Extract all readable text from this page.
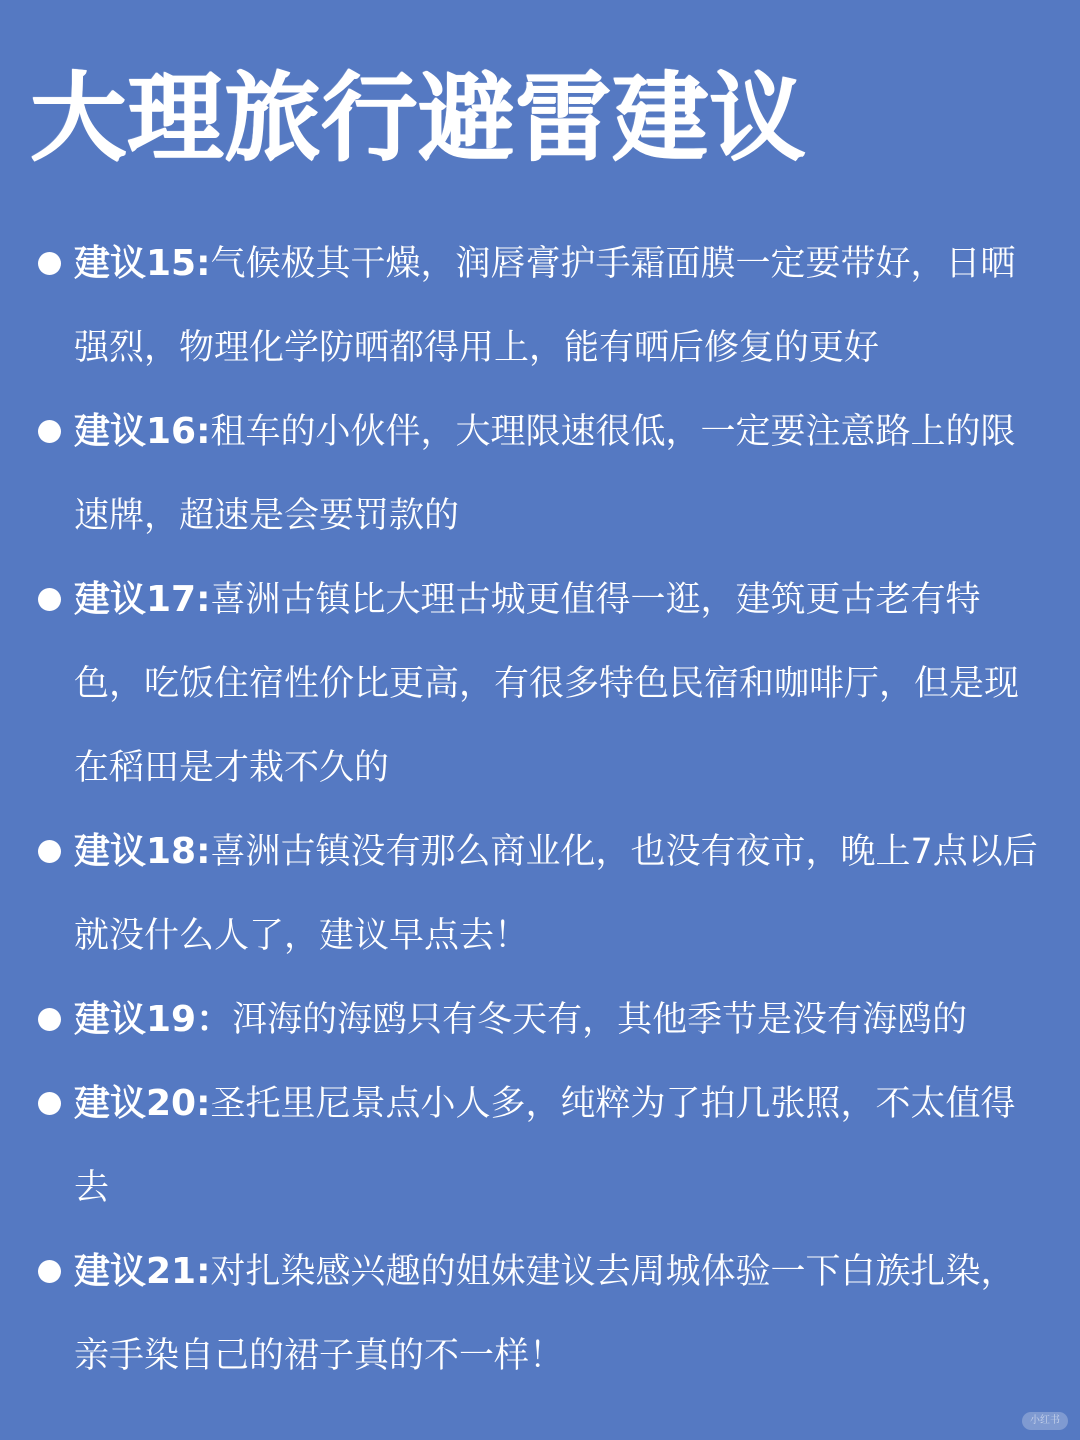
大理旅行避雷建议
建议15:气候极其干燥，润唇膏护手霜面膜一定要带好，日晒强烈，物理化学防晒都得用上，能有晒后修复的更好
建议16:租车的小伙伴，大理限速很低，一定要注意路上的限速牌，超速是会要罚款的
建议17:喜洲古镇比大理古城更值得一逛，建筑更古老有特色，吃饭住宿性价比更高，有很多特色民宿和咖啡厅，但是现在稻田是才栽不久的
建议18:喜洲古镇没有那么商业化，也没有夜市，晚上7点以后就没什么人了，建议早点去！
建议19：洱海的海鸥只有冬天有，其他季节是没有海鸥的
建议20:圣托里尼景点小人多，纯粹为了拍几张照，不太值得去
建议21:对扎染感兴趣的姐妹建议去周城体验一下白族扎染，亲手染自己的裙子真的不一样！
小红书
